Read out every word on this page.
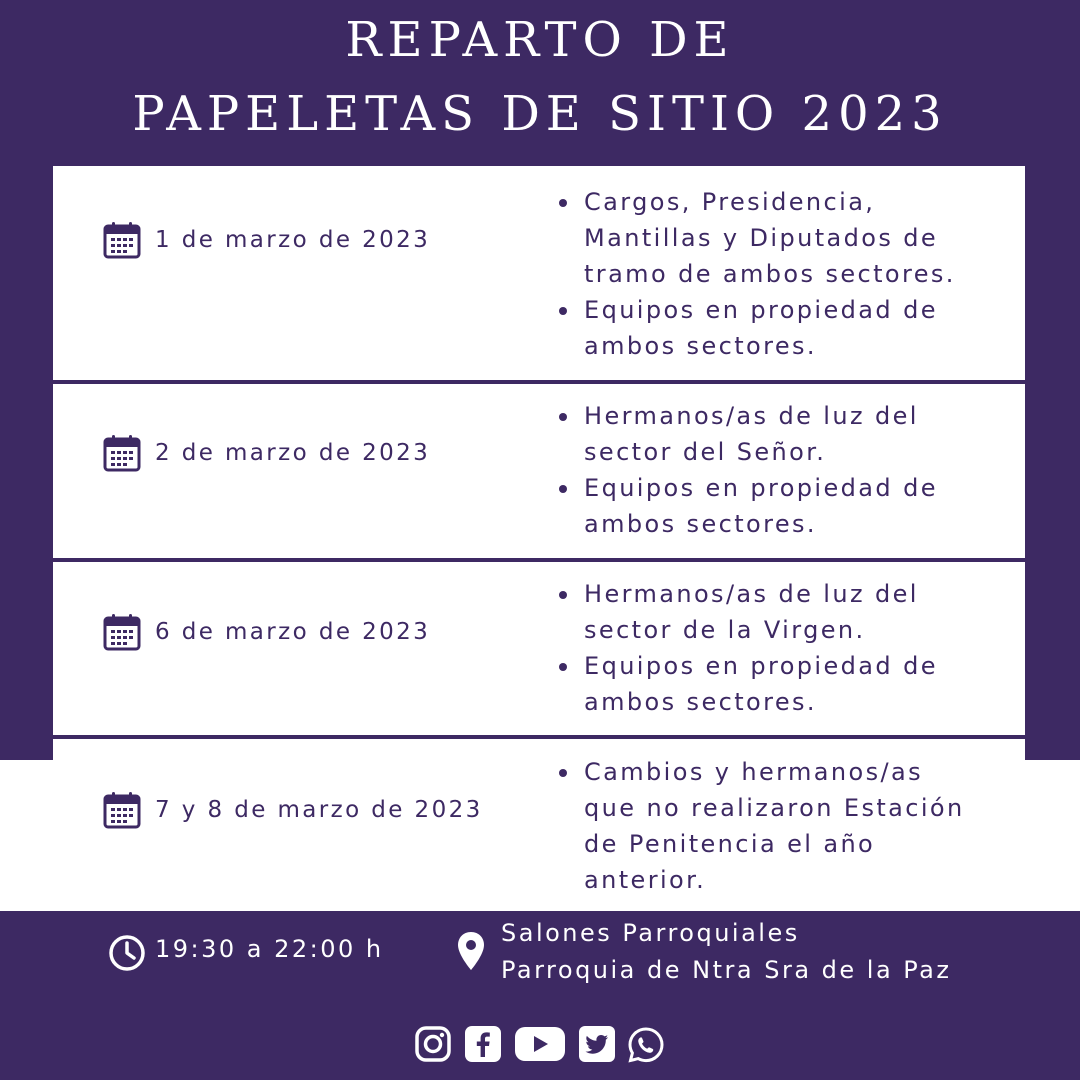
REPARTO DE
PAPELETAS DE SITIO 2023
1 de marzo de 2023
Cargos, Presidencia,
Mantillas y Diputados de
tramo de ambos sectores.
Equipos en propiedad de
ambos sectores.
2 de marzo de 2023
Hermanos/as de luz del
sector del Señor.
Equipos en propiedad de
ambos sectores.
6 de marzo de 2023
Hermanos/as de luz del
sector de la Virgen.
Equipos en propiedad de
ambos sectores.
7 y 8 de marzo de 2023
Cambios y hermanos/as
que no realizaron Estación
de Penitencia el año
anterior.
19:30 a 22:00 h
Salones Parroquiales
Parroquia de Ntra Sra de la Paz
